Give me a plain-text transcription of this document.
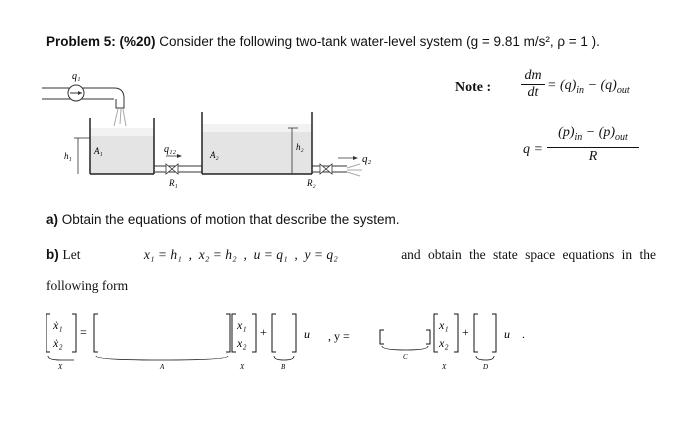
Problem 5: (%20) Consider the following two-tank water-level system (g = 9.81 m/s², ρ = 1 ).
q₁
h₁ A₁
R₁
q₁₂	A₂
h₂
R₂
q₂
Note : $\frac{dm}{dt} = (q)_{in} - (q)_{out}$
q =
$(p)_{in} - (p)_{out}$
R
a) Obtain the equations of motion that describe the system.
b) Let	x₁ = h₁  ,  x₂ = h₂  ,  u = q₁  ,  y = q₂	and obtain the state space equations in the
following form
ẋ₁
ẋ₂
X
=
A
x₁
x₂
X
+
B
u , y =
C
x₁
x₂
X
+
D
u .
